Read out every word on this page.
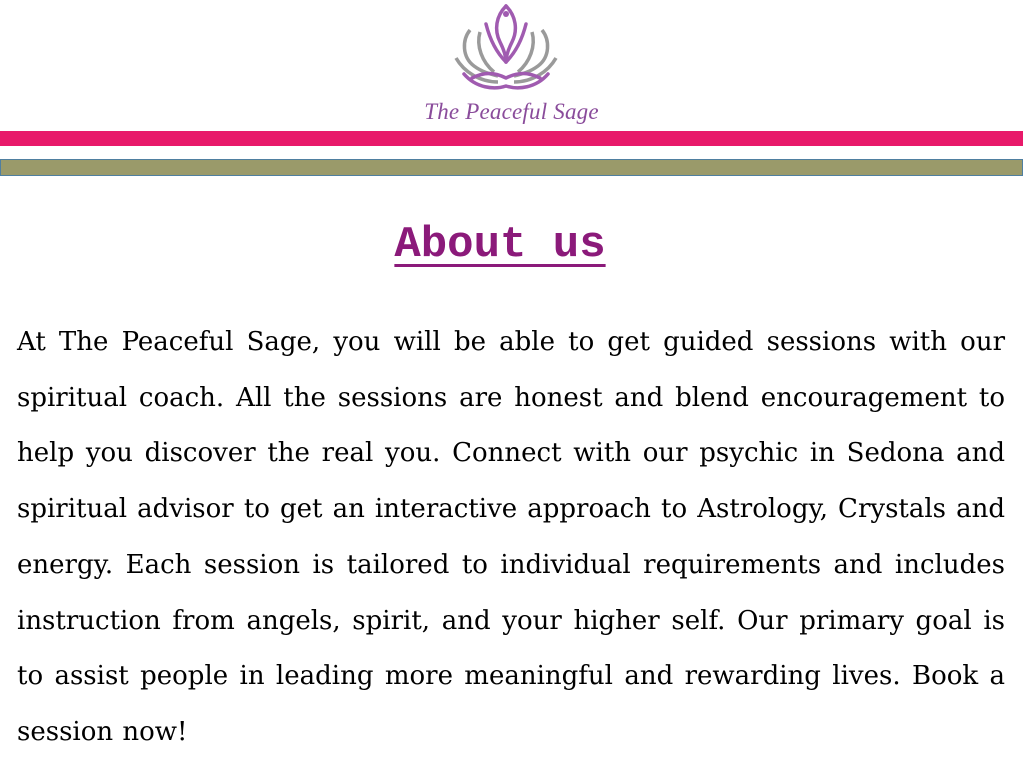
The Peaceful Sage
About us

At The Peaceful Sage, you will be able to get guided sessions with our spiritual coach. All the sessions are honest and blend encouragement to help you discover the real you. Connect with our psychic in Sedona and spiritual advisor to get an interactive approach to Astrology, Crystals and energy. Each session is tailored to individual requirements and includes instruction from angels, spirit, and your higher self. Our primary goal is to assist people in leading more meaningful and rewarding lives. Book a session now!
